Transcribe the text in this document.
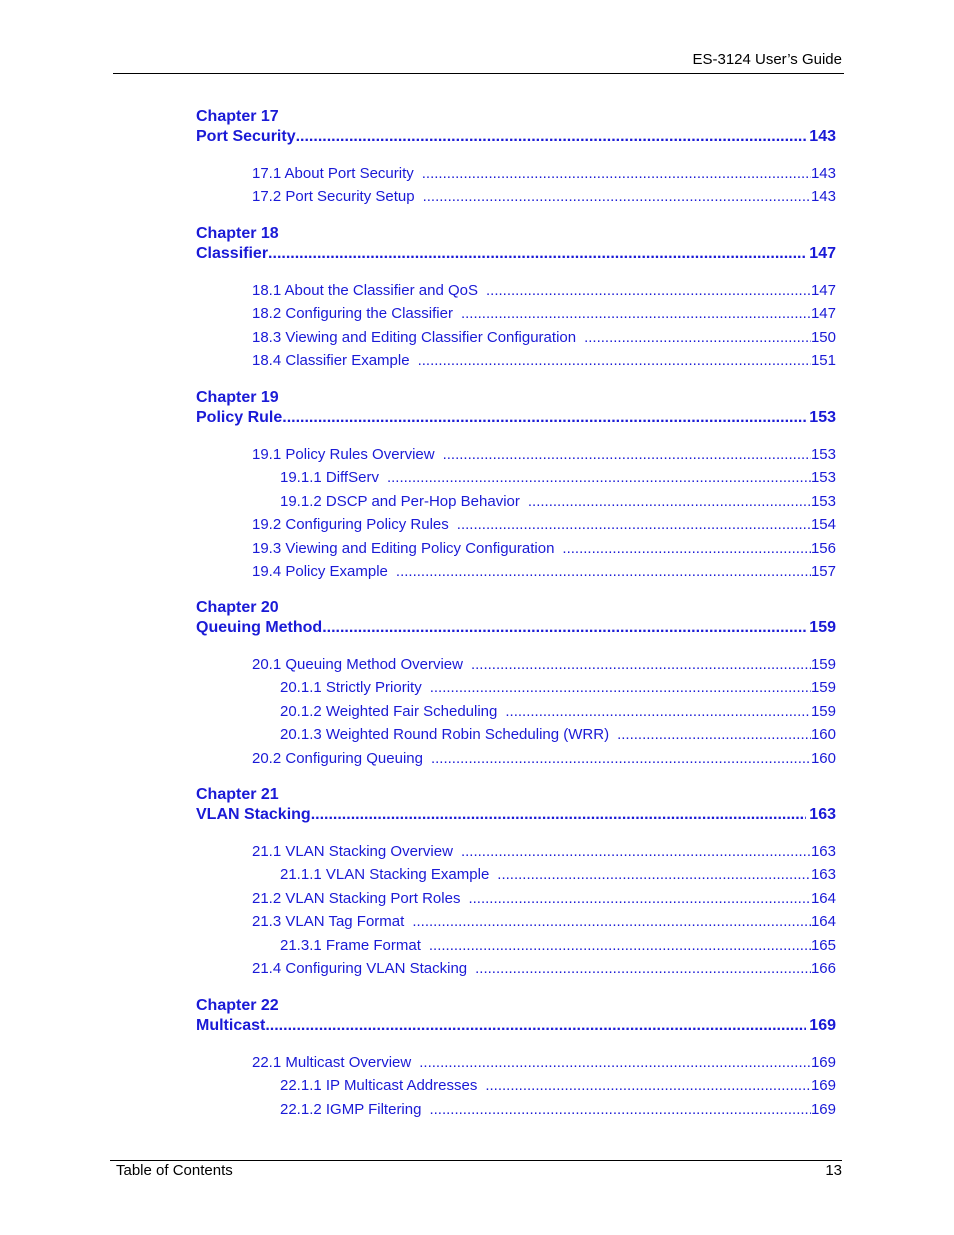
ES-3124 User’s Guide
Chapter 17
Port Security .....	143
17.1 About Port Security .....	143
17.2 Port Security Setup .....	143
Chapter 18
Classifier .....	147
18.1 About the Classifier and QoS .....	147
18.2 Configuring the Classifier .....	147
18.3 Viewing and Editing Classifier Configuration .....	150
18.4 Classifier Example .....	151
Chapter 19
Policy Rule .....	153
19.1 Policy Rules Overview .....	153
19.1.1 DiffServ .....	153
19.1.2 DSCP and Per-Hop Behavior .....	153
19.2 Configuring Policy Rules .....	154
19.3 Viewing and Editing Policy Configuration .....	156
19.4 Policy Example .....	157
Chapter 20
Queuing Method .....	159
20.1 Queuing Method Overview .....	159
20.1.1 Strictly Priority .....	159
20.1.2 Weighted Fair Scheduling .....	159
20.1.3 Weighted Round Robin Scheduling (WRR) .....	160
20.2 Configuring Queuing .....	160
Chapter 21
VLAN Stacking .....	163
21.1 VLAN Stacking Overview .....	163
21.1.1 VLAN Stacking Example .....	163
21.2 VLAN Stacking Port Roles .....	164
21.3 VLAN Tag Format .....	164
21.3.1 Frame Format .....	165
21.4 Configuring VLAN Stacking .....	166
Chapter 22
Multicast .....	169
22.1 Multicast Overview .....	169
22.1.1 IP Multicast Addresses .....	169
22.1.2 IGMP Filtering .....	169
Table of Contents	13
